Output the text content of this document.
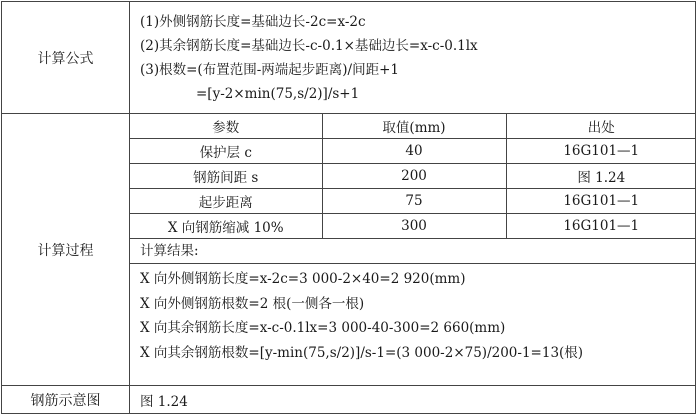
计算公式	
(1)外侧钢筋长度=基础边长-2c=x-2c
(2)其余钢筋长度=基础边长-c-0.1×基础边长=x-c-0.1lx
(3)根数=(布置范围-两端起步距离)/间距+1
=[y-2×min(75,s/2)]/s+1

计算过程	
参数	取值(mm)	出处
保护层 c	40	16G101—1
钢筋间距 s	200	图 1.24
起步距离	75	16G101—1
X 向钢筋缩减 10%	300	16G101—1
计算结果:
X 向外侧钢筋长度=x-2c=3 000-2×40=2 920(mm)
X 向外侧钢筋根数=2 根(一侧各一根)
X 向其余钢筋长度=x-c-0.1lx=3 000-40-300=2 660(mm)
X 向其余钢筋根数=[y-min(75,s/2)]/s-1=(3 000-2×75)/200-1=13(根)

钢筋示意图	图 1.24
